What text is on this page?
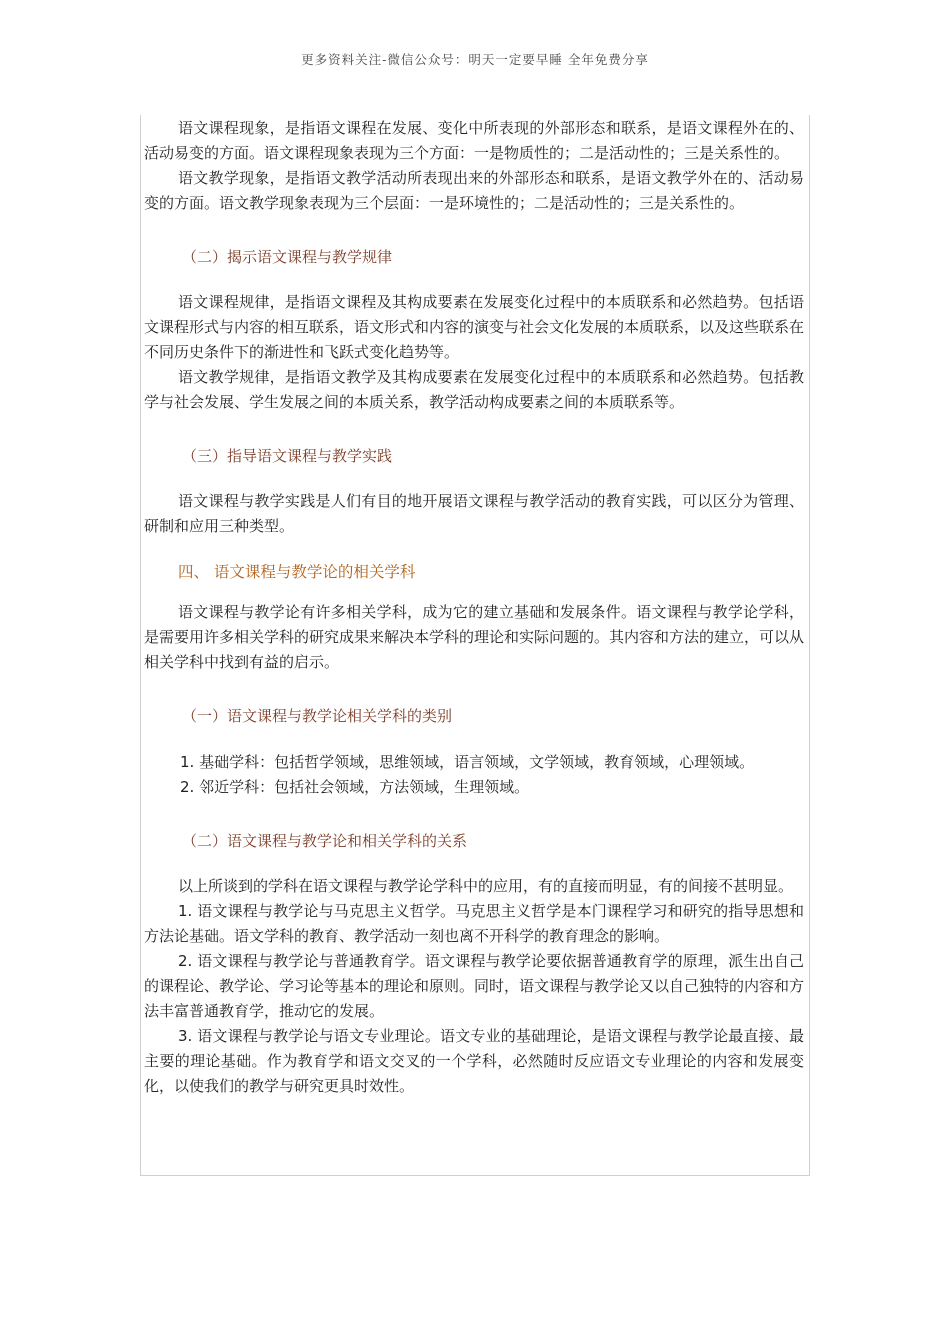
更多资料关注-微信公众号：明天一定要早睡 全年免费分享

语文课程现象，是指语文课程在发展、变化中所表现的外部形态和联系，是语文课程外在的、活动易变的方面。语文课程现象表现为三个方面：一是物质性的；二是活动性的；三是关系性的。

语文教学现象，是指语文教学活动所表现出来的外部形态和联系，是语文教学外在的、活动易变的方面。语文教学现象表现为三个层面：一是环境性的；二是活动性的；三是关系性的。

（二）揭示语文课程与教学规律

语文课程规律，是指语文课程及其构成要素在发展变化过程中的本质联系和必然趋势。包括语文课程形式与内容的相互联系，语文形式和内容的演变与社会文化发展的本质联系，以及这些联系在不同历史条件下的渐进性和飞跃式变化趋势等。

语文教学规律，是指语文教学及其构成要素在发展变化过程中的本质联系和必然趋势。包括教学与社会发展、学生发展之间的本质关系，教学活动构成要素之间的本质联系等。

（三）指导语文课程与教学实践

语文课程与教学实践是人们有目的地开展语文课程与教学活动的教育实践，可以区分为管理、研制和应用三种类型。

四、 语文课程与教学论的相关学科

语文课程与教学论有许多相关学科，成为它的建立基础和发展条件。语文课程与教学论学科，是需要用许多相关学科的研究成果来解决本学科的理论和实际问题的。其内容和方法的建立，可以从相关学科中找到有益的启示。

（一）语文课程与教学论相关学科的类别

1. 基础学科：包括哲学领域，思维领域，语言领域，文学领域，教育领域，心理领域。

2. 邻近学科：包括社会领域，方法领域，生理领域。

（二）语文课程与教学论和相关学科的关系

以上所谈到的学科在语文课程与教学论学科中的应用，有的直接而明显，有的间接不甚明显。

1. 语文课程与教学论与马克思主义哲学。马克思主义哲学是本门课程学习和研究的指导思想和方法论基础。语文学科的教育、教学活动一刻也离不开科学的教育理念的影响。

2. 语文课程与教学论与普通教育学。语文课程与教学论要依据普通教育学的原理，派生出自己的课程论、教学论、学习论等基本的理论和原则。同时，语文课程与教学论又以自己独特的内容和方法丰富普通教育学，推动它的发展。

3. 语文课程与教学论与语文专业理论。语文专业的基础理论，是语文课程与教学论最直接、最主要的理论基础。作为教育学和语文交叉的一个学科，必然随时反应语文专业理论的内容和发展变化，以使我们的教学与研究更具时效性。
